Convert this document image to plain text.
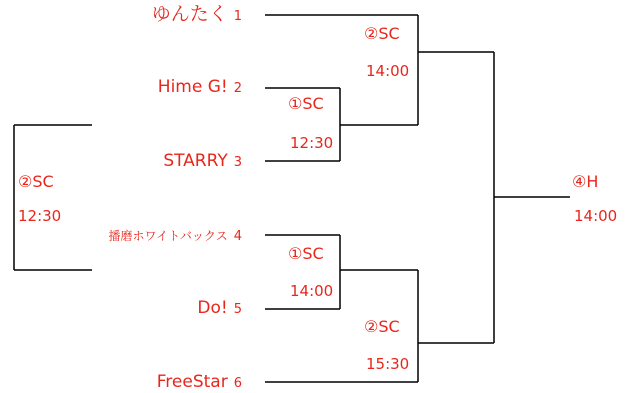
ゆんたく 1
Hime G! 2
STARRY 3
播磨ホワイトバックス 4
Do! 5
FreeStar 6
②SC
14:00
①SC
12:30
②SC
12:30
④H
14:00
①SC
14:00
②SC
15:30
